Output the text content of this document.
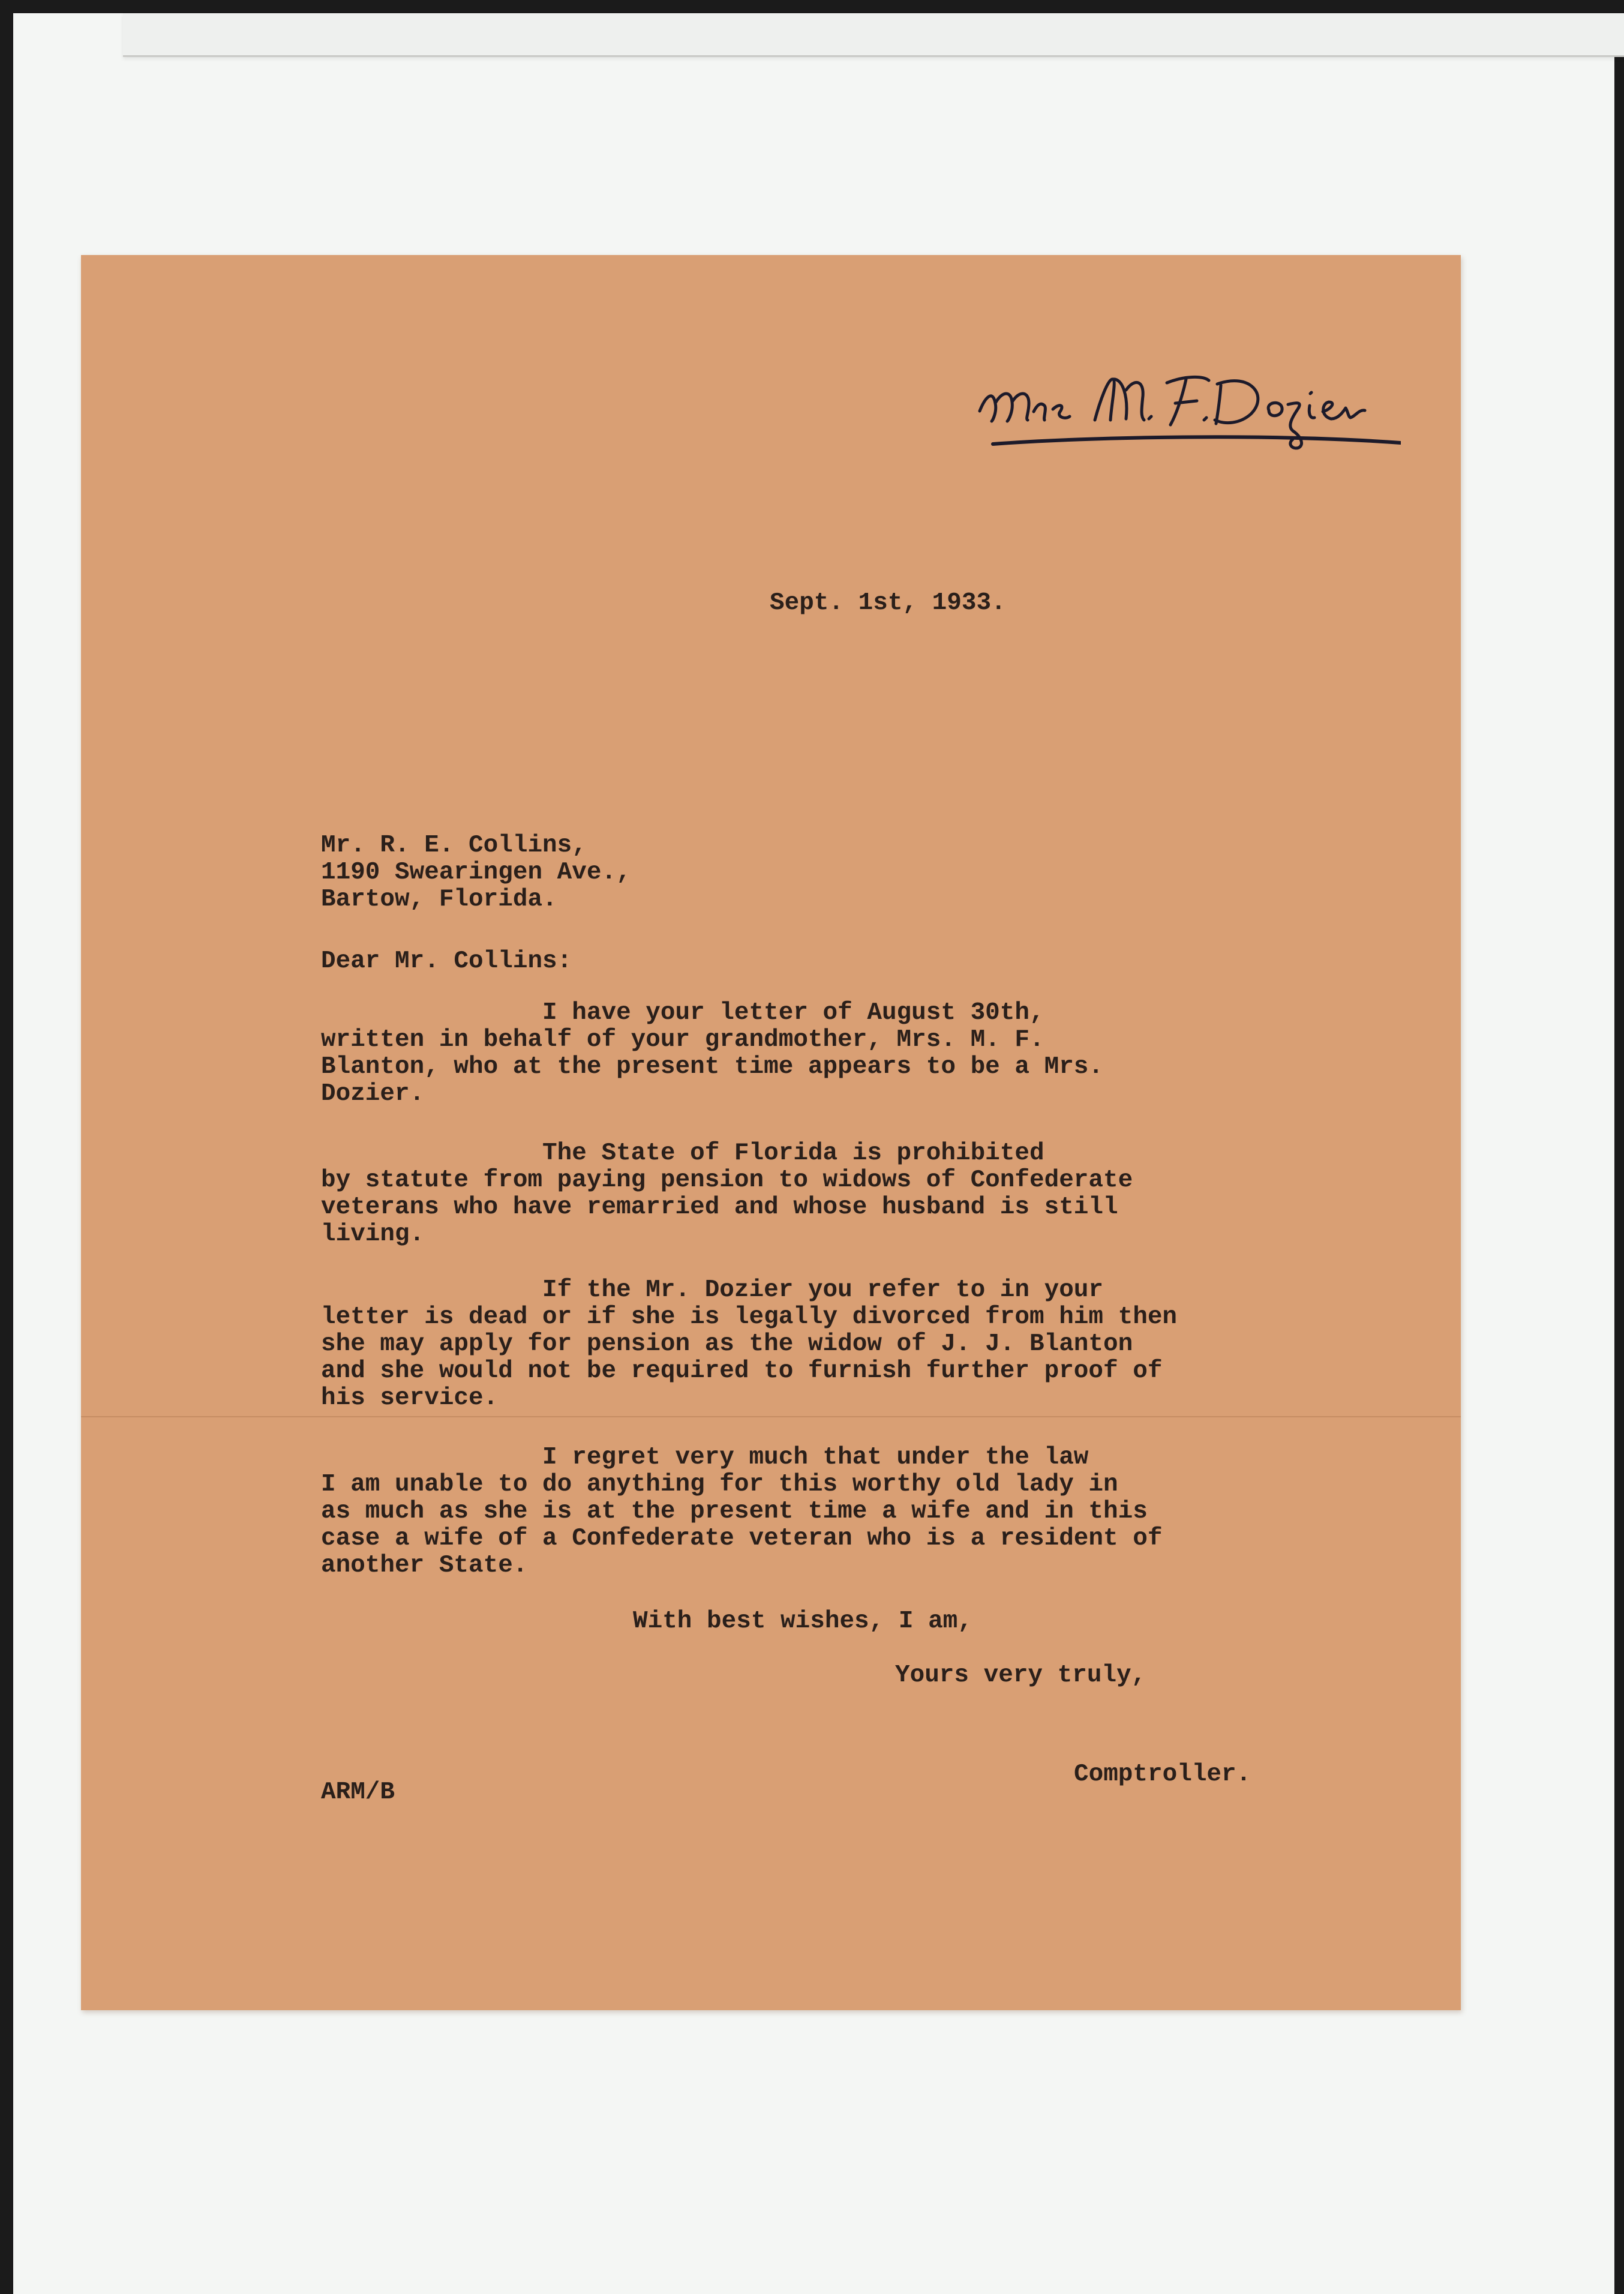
Sept. 1st, 1933.

Mr. R. E. Collins,

1190 Swearingen Ave.,

Bartow, Florida.

Dear Mr. Collins:

I have your letter of August 30th,
written in behalf of your grandmother, Mrs. M. F.
Blanton, who at the present time appears to be a Mrs.
Dozier.

The State of Florida is prohibited
by statute from paying pension to widows of Confederate
veterans who have remarried and whose husband is still
living.

If the Mr. Dozier you refer to in your
letter is dead or if she is legally divorced from him then
she may apply for pension as the widow of J. J. Blanton
and she would not be required to furnish further proof of
his service.

I regret very much that under the law
I am unable to do anything for this worthy old lady in
as much as she is at the present time a wife and in this
case a wife of a Confederate veteran who is a resident of
another State.

With best wishes, I am,

Yours very truly,

Comptroller.

ARM/B
